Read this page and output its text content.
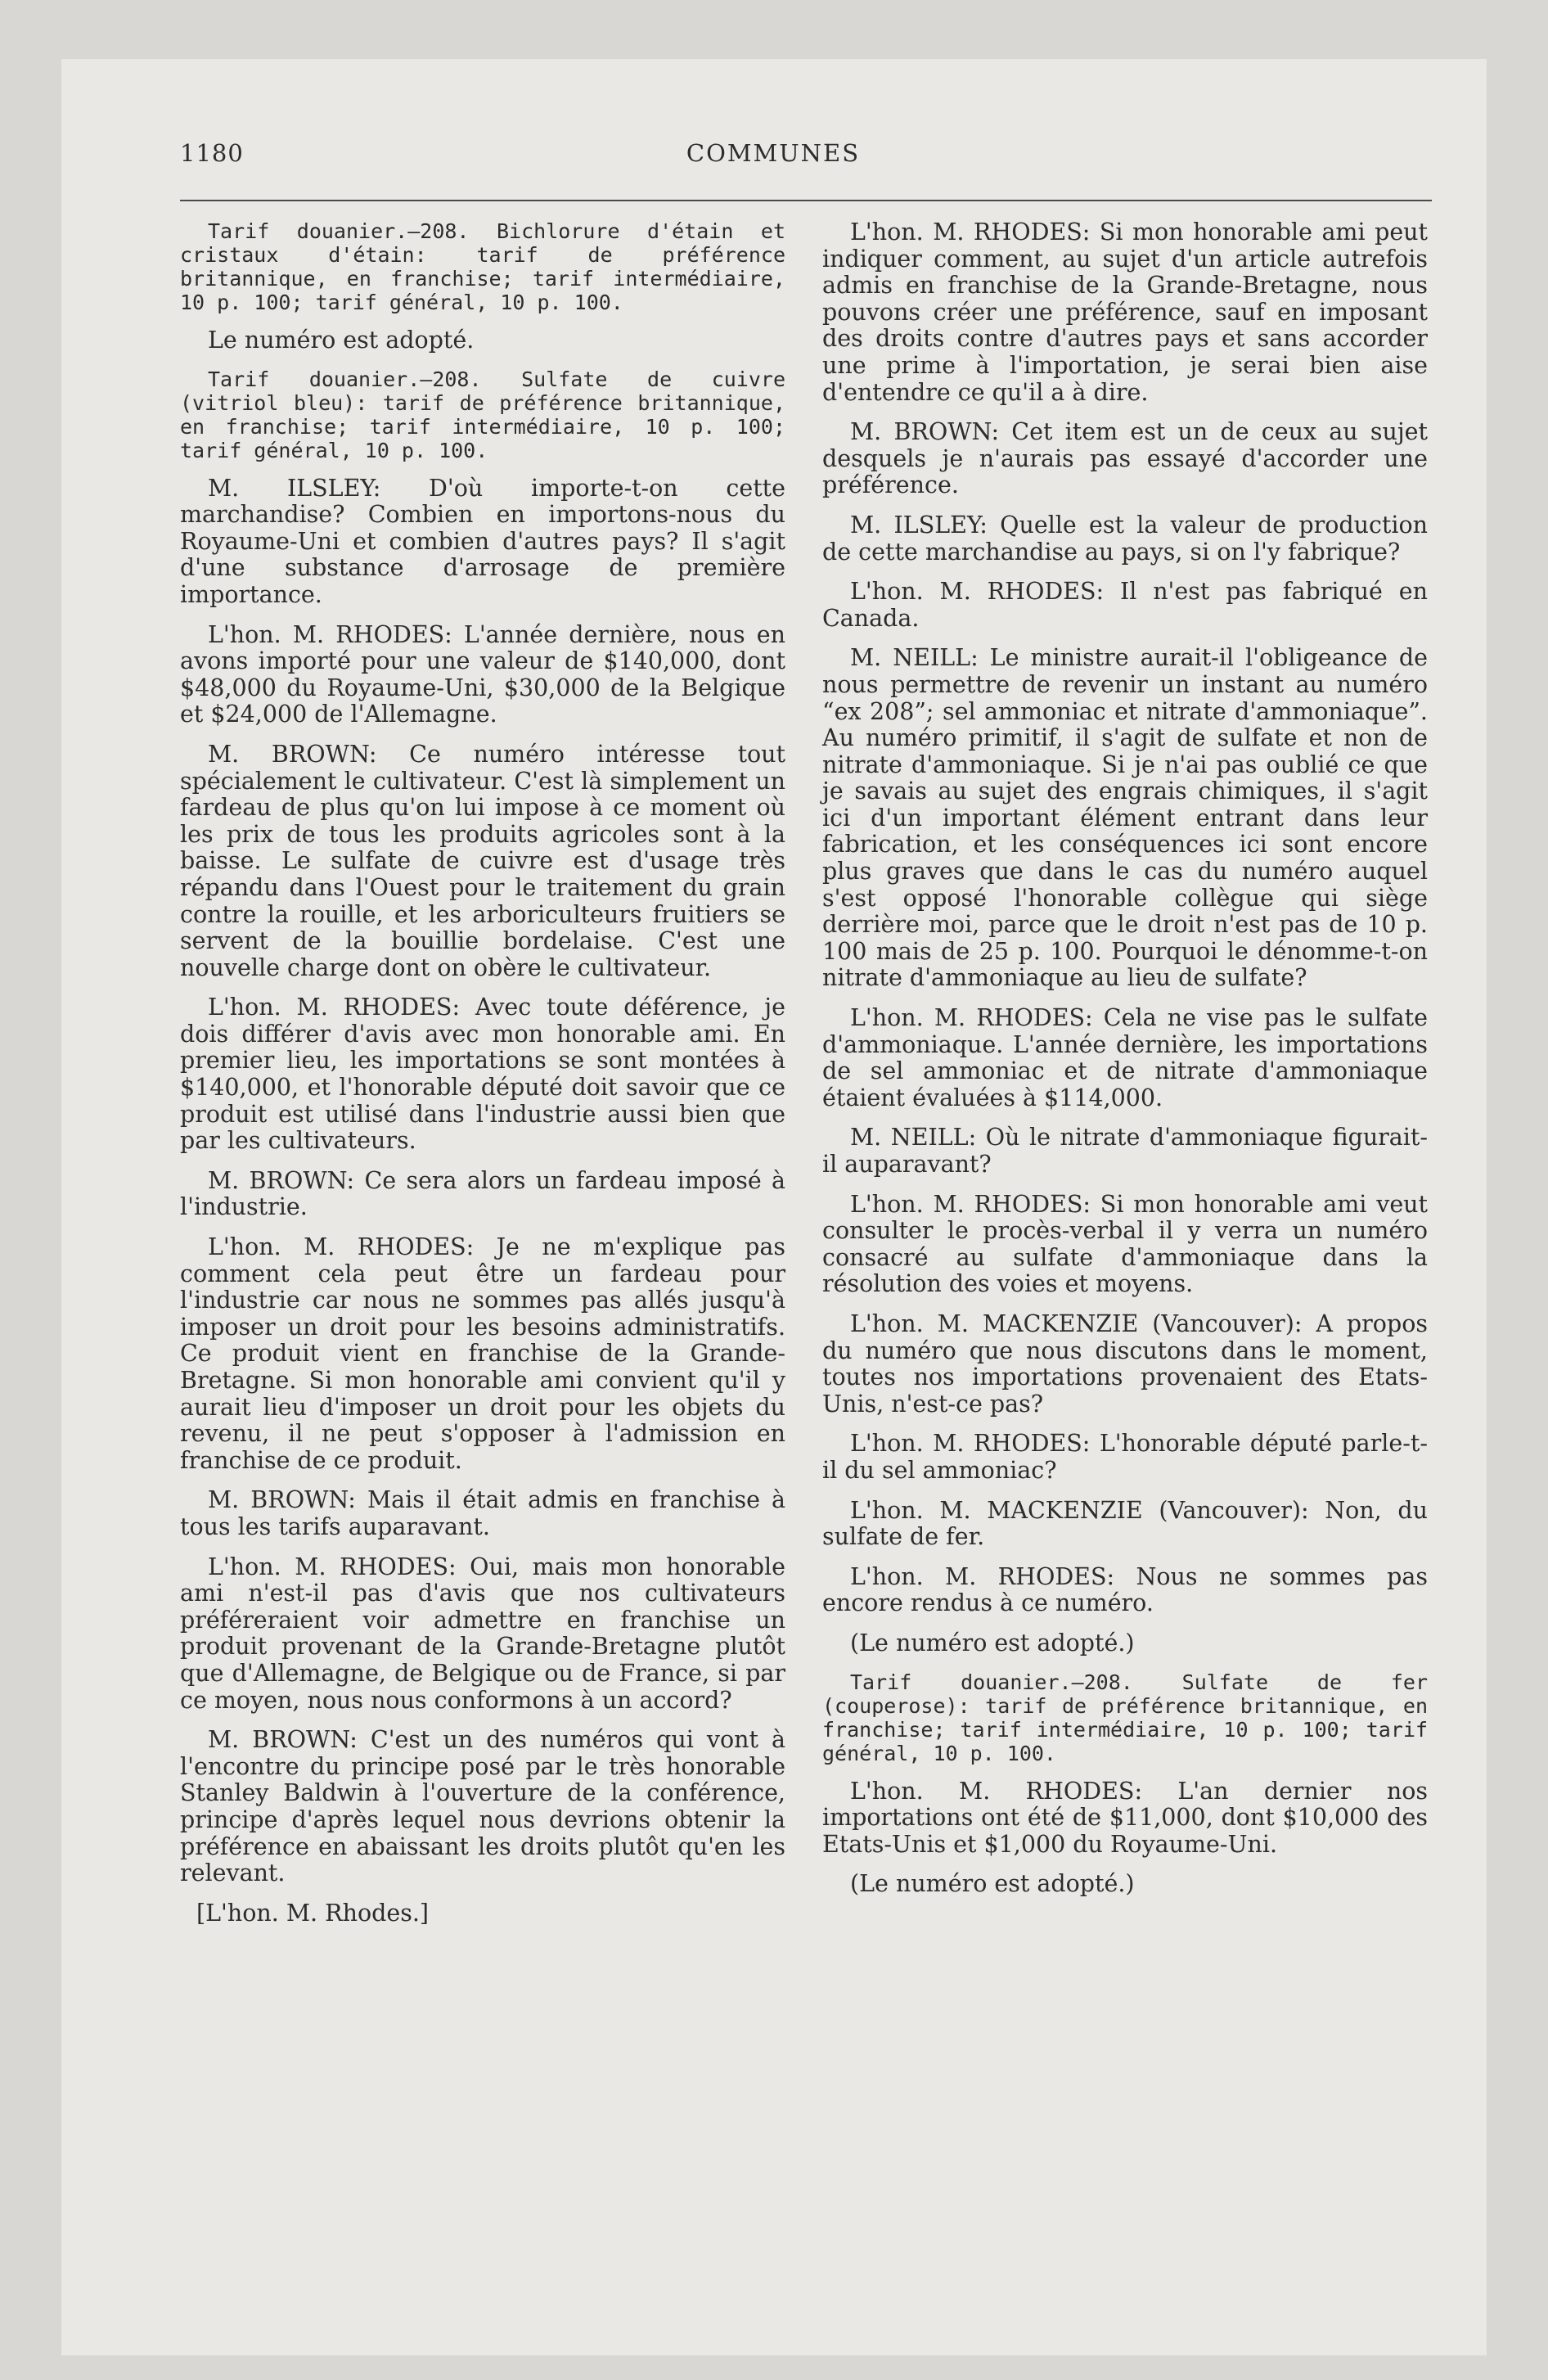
1180	COMMUNES

Tarif douanier.—208. Bichlorure d'étain et cristaux d'étain: tarif de préférence britannique, en franchise; tarif intermédiaire, 10 p. 100; tarif général, 10 p. 100.

Le numéro est adopté.

Tarif douanier.—208. Sulfate de cuivre (vitriol bleu): tarif de préférence britannique, en franchise; tarif intermédiaire, 10 p. 100; tarif général, 10 p. 100.

M. ILSLEY: D'où importe-t-on cette marchandise? Combien en importons-nous du Royaume-Uni et combien d'autres pays? Il s'agit d'une substance d'arrosage de première importance.

L'hon. M. RHODES: L'année dernière, nous en avons importé pour une valeur de $140,000, dont $48,000 du Royaume-Uni, $30,000 de la Belgique et $24,000 de l'Allemagne.

M. BROWN: Ce numéro intéresse tout spécialement le cultivateur. C'est là simplement un fardeau de plus qu'on lui impose à ce moment où les prix de tous les produits agricoles sont à la baisse. Le sulfate de cuivre est d'usage très répandu dans l'Ouest pour le traitement du grain contre la rouille, et les arboriculteurs fruitiers se servent de la bouillie bordelaise. C'est une nouvelle charge dont on obère le cultivateur.

L'hon. M. RHODES: Avec toute déférence, je dois différer d'avis avec mon honorable ami. En premier lieu, les importations se sont montées à $140,000, et l'honorable député doit savoir que ce produit est utilisé dans l'industrie aussi bien que par les cultivateurs.

M. BROWN: Ce sera alors un fardeau imposé à l'industrie.

L'hon. M. RHODES: Je ne m'explique pas comment cela peut être un fardeau pour l'industrie car nous ne sommes pas allés jusqu'à imposer un droit pour les besoins administratifs. Ce produit vient en franchise de la Grande-Bretagne. Si mon honorable ami convient qu'il y aurait lieu d'imposer un droit pour les objets du revenu, il ne peut s'opposer à l'admission en franchise de ce produit.

M. BROWN: Mais il était admis en franchise à tous les tarifs auparavant.

L'hon. M. RHODES: Oui, mais mon honorable ami n'est-il pas d'avis que nos cultivateurs préféreraient voir admettre en franchise un produit provenant de la Grande-Bretagne plutôt que d'Allemagne, de Belgique ou de France, si par ce moyen, nous nous conformons à un accord?

M. BROWN: C'est un des numéros qui vont à l'encontre du principe posé par le très honorable Stanley Baldwin à l'ouverture de la conférence, principe d'après lequel nous devrions obtenir la préférence en abaissant les droits plutôt qu'en les relevant.

[L'hon. M. Rhodes.]

L'hon. M. RHODES: Si mon honorable ami peut indiquer comment, au sujet d'un article autrefois admis en franchise de la Grande-Bretagne, nous pouvons créer une préférence, sauf en imposant des droits contre d'autres pays et sans accorder une prime à l'importation, je serai bien aise d'entendre ce qu'il a à dire.

M. BROWN: Cet item est un de ceux au sujet desquels je n'aurais pas essayé d'accorder une préférence.

M. ILSLEY: Quelle est la valeur de production de cette marchandise au pays, si on l'y fabrique?

L'hon. M. RHODES: Il n'est pas fabriqué en Canada.

M. NEILL: Le ministre aurait-il l'obligeance de nous permettre de revenir un instant au numéro “ex 208”; sel ammoniac et nitrate d'ammoniaque”. Au numéro primitif, il s'agit de sulfate et non de nitrate d'ammoniaque. Si je n'ai pas oublié ce que je savais au sujet des engrais chimiques, il s'agit ici d'un important élément entrant dans leur fabrication, et les conséquences ici sont encore plus graves que dans le cas du numéro auquel s'est opposé l'honorable collègue qui siège derrière moi, parce que le droit n'est pas de 10 p. 100 mais de 25 p. 100. Pourquoi le dénomme-t-on nitrate d'ammoniaque au lieu de sulfate?

L'hon. M. RHODES: Cela ne vise pas le sulfate d'ammoniaque. L'année dernière, les importations de sel ammoniac et de nitrate d'ammoniaque étaient évaluées à $114,000.

M. NEILL: Où le nitrate d'ammoniaque figurait-il auparavant?

L'hon. M. RHODES: Si mon honorable ami veut consulter le procès-verbal il y verra un numéro consacré au sulfate d'ammoniaque dans la résolution des voies et moyens.

L'hon. M. MACKENZIE (Vancouver): A propos du numéro que nous discutons dans le moment, toutes nos importations provenaient des Etats-Unis, n'est-ce pas?

L'hon. M. RHODES: L'honorable député parle-t-il du sel ammoniac?

L'hon. M. MACKENZIE (Vancouver): Non, du sulfate de fer.

L'hon. M. RHODES: Nous ne sommes pas encore rendus à ce numéro.

(Le numéro est adopté.)

Tarif douanier.—208. Sulfate de fer (couperose): tarif de préférence britannique, en franchise; tarif intermédiaire, 10 p. 100; tarif général, 10 p. 100.

L'hon. M. RHODES: L'an dernier nos importations ont été de $11,000, dont $10,000 des Etats-Unis et $1,000 du Royaume-Uni.

(Le numéro est adopté.)
